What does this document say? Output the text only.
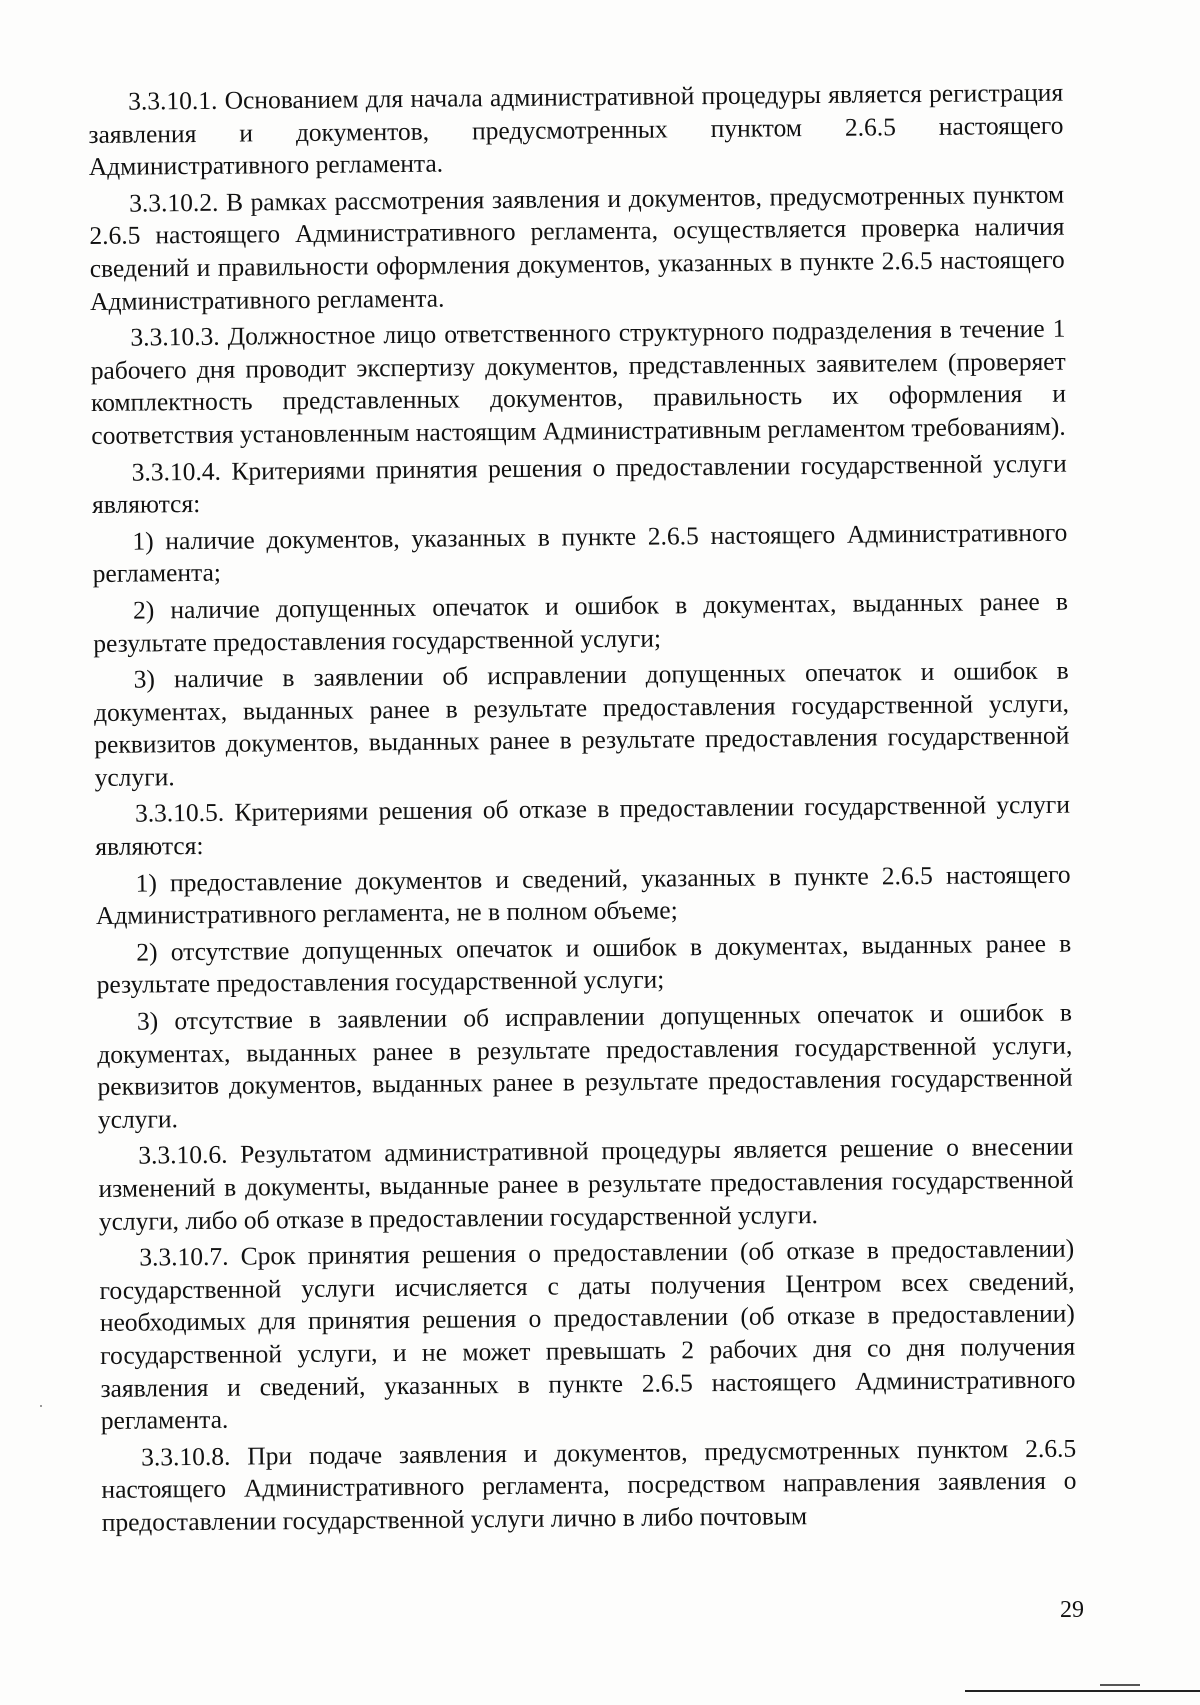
3.3.10.1. Основанием для начала административной процедуры является регистрация заявления и документов, предусмотренных пунктом 2.6.5 настоящего Административного регламента.

3.3.10.2. В рамках рассмотрения заявления и документов, предусмотренных пунктом 2.6.5 настоящего Административного регламента, осуществляется проверка наличия сведений и правильности оформления документов, указанных в пункте 2.6.5 настоящего Административного регламента.

3.3.10.3. Должностное лицо ответственного структурного подразделения в течение 1 рабочего дня проводит экспертизу документов, представленных заявителем (проверяет комплектность представленных документов, правильность их оформления и соответствия установленным настоящим Административным регламентом требованиям).

3.3.10.4. Критериями принятия решения о предоставлении государственной услуги являются:

1) наличие документов, указанных в пункте 2.6.5 настоящего Административного регламента;

2) наличие допущенных опечаток и ошибок в документах, выданных ранее в результате предоставления государственной услуги;

3) наличие в заявлении об исправлении допущенных опечаток и ошибок в документах, выданных ранее в результате предоставления государственной услуги, реквизитов документов, выданных ранее в результате предоставления государственной услуги.

3.3.10.5. Критериями решения об отказе в предоставлении государственной услуги являются:

1) предоставление документов и сведений, указанных в пункте 2.6.5 настоящего Административного регламента, не в полном объеме;

2) отсутствие допущенных опечаток и ошибок в документах, выданных ранее в результате предоставления государственной услуги;

3) отсутствие в заявлении об исправлении допущенных опечаток и ошибок в документах, выданных ранее в результате предоставления государственной услуги, реквизитов документов, выданных ранее в результате предоставления государственной услуги.

3.3.10.6. Результатом административной процедуры является решение о внесении изменений в документы, выданные ранее в результате предоставления государственной услуги, либо об отказе в предоставлении государственной услуги.

3.3.10.7. Срок принятия решения о предоставлении (об отказе в предоставлении) государственной услуги исчисляется с даты получения Центром всех сведений, необходимых для принятия решения о предоставлении (об отказе в предоставлении) государственной услуги, и не может превышать 2 рабочих дня со дня получения заявления и сведений, указанных в пункте 2.6.5 настоящего Административного регламента.

3.3.10.8. При подаче заявления и документов, предусмотренных пунктом 2.6.5 настоящего Административного регламента, посредством направления заявления о предоставлении государственной услуги лично в либо почтовым

29
